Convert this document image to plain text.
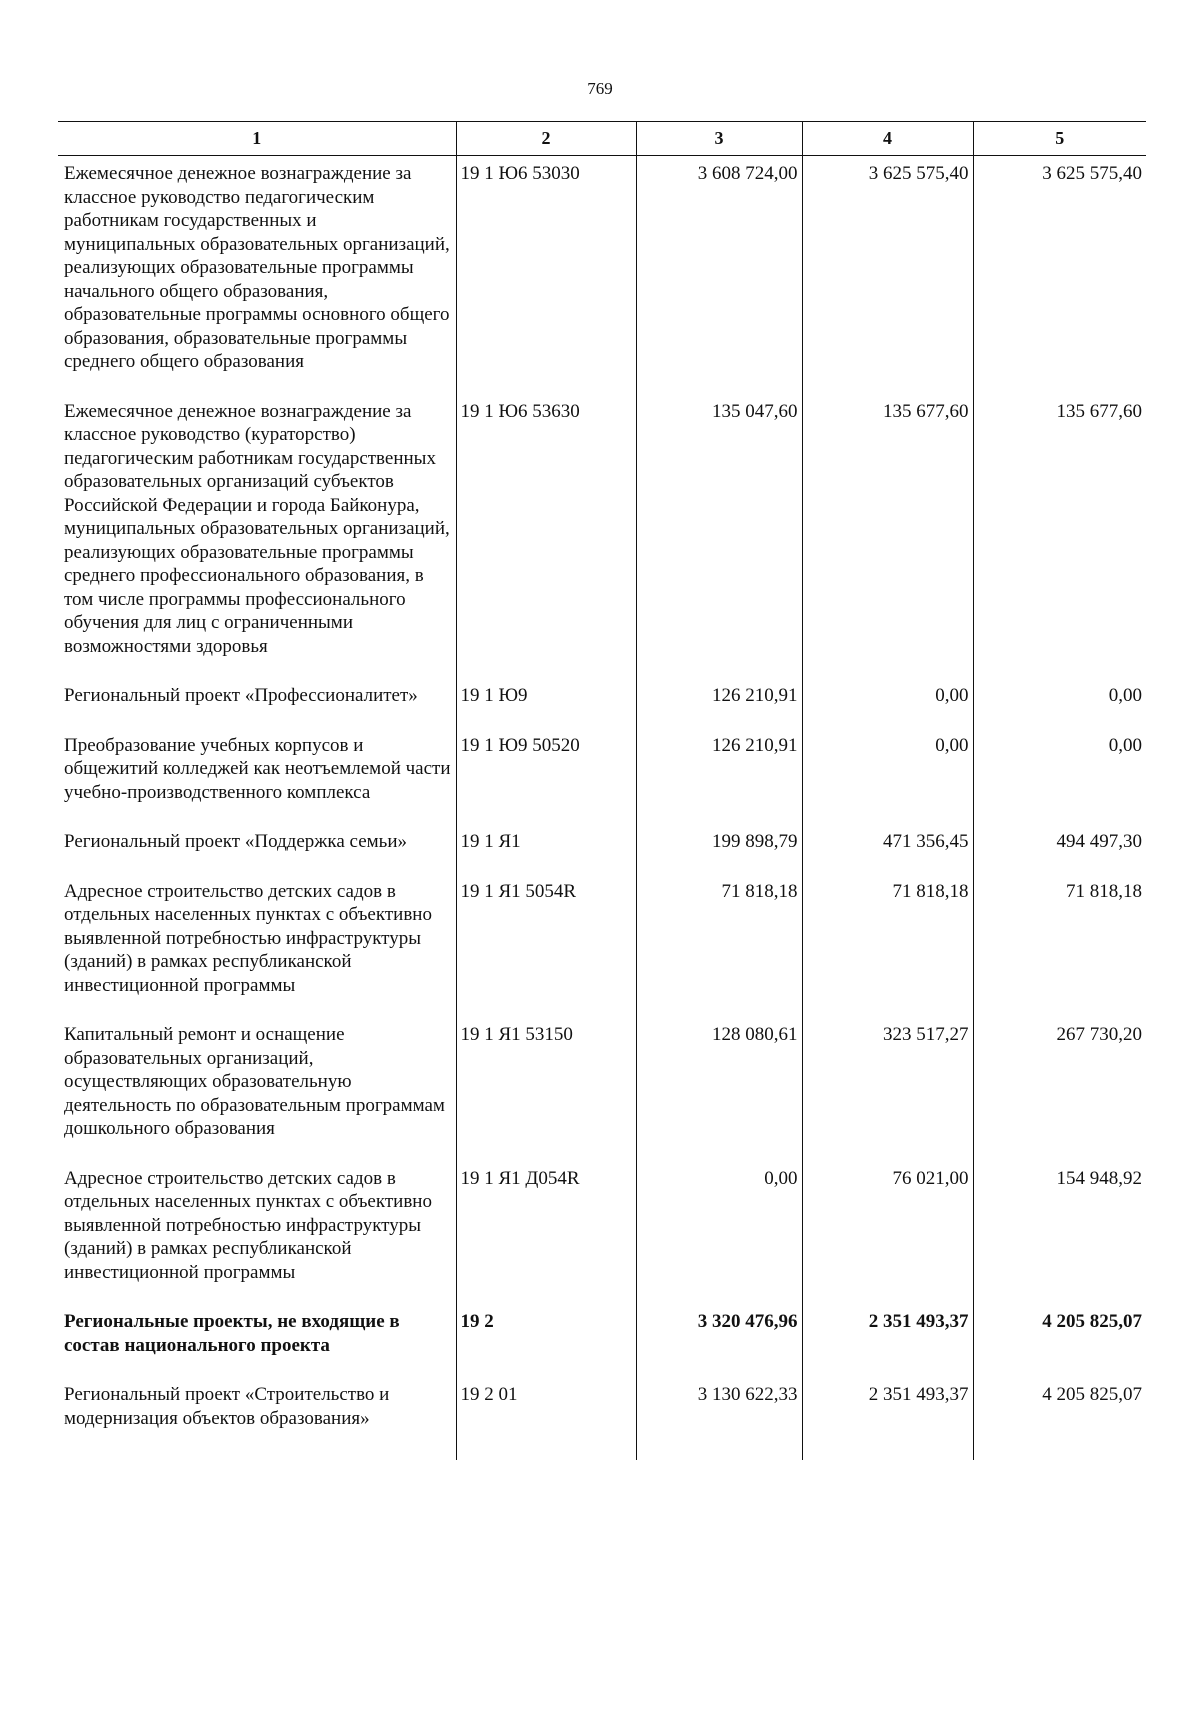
769
1	2	3	4	5
Ежемесячное денежное вознаграждение за классное руководство педагогическим работникам государственных и муниципальных образовательных организаций, реализующих образовательные программы начального общего образования, образовательные программы основного общего образования, образовательные программы среднего общего образования	19 1 Ю6 53030	3 608 724,00	3 625 575,40	3 625 575,40
Ежемесячное денежное вознаграждение за классное руководство (кураторство) педагогическим работникам государственных образовательных организаций субъектов Российской Федерации и города Байконура, муниципальных образовательных организаций, реализующих образовательные программы среднего профессионального образования, в том числе программы профессионального обучения для лиц с ограниченными возможностями здоровья	19 1 Ю6 53630	135 047,60	135 677,60	135 677,60
Региональный проект «Профессионалитет»	19 1 Ю9	126 210,91	0,00	0,00
Преобразование учебных корпусов и общежитий колледжей как неотъемлемой части учебно-производственного комплекса	19 1 Ю9 50520	126 210,91	0,00	0,00
Региональный проект «Поддержка семьи»	19 1 Я1	199 898,79	471 356,45	494 497,30
Адресное строительство детских садов в отдельных населенных пунктах с объективно выявленной потребностью инфраструктуры (зданий) в рамках республиканской инвестиционной программы	19 1 Я1 5054R	71 818,18	71 818,18	71 818,18
Капитальный ремонт и оснащение образовательных организаций, осуществляющих образовательную деятельность по образовательным программам дошкольного образования	19 1 Я1 53150	128 080,61	323 517,27	267 730,20
Адресное строительство детских садов в отдельных населенных пунктах с объективно выявленной потребностью инфраструктуры (зданий) в рамках республиканской инвестиционной программы	19 1 Я1 Д054R	0,00	76 021,00	154 948,92
Региональные проекты, не входящие в состав национального проекта	19 2	3 320 476,96	2 351 493,37	4 205 825,07
Региональный проект «Строительство и модернизация объектов образования»	19 2 01	3 130 622,33	2 351 493,37	4 205 825,07
